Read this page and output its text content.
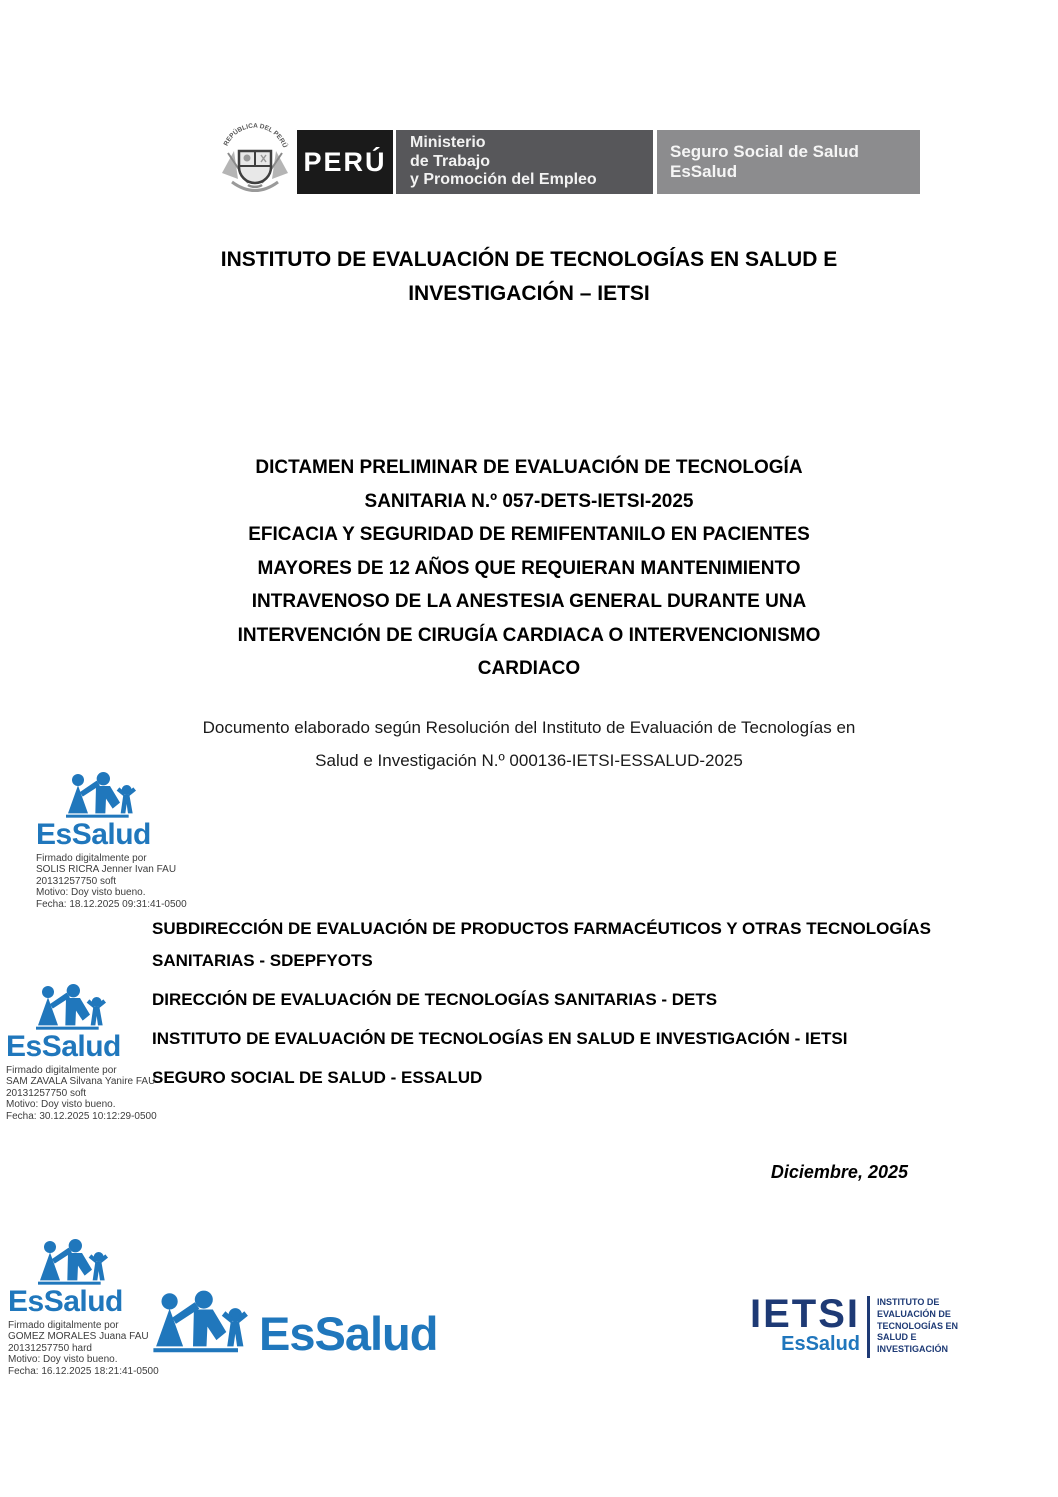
REPÚBLICA DEL PERÚ
PERÚ
Ministerio
de Trabajo
y Promoción del Empleo
Seguro Social de Salud
EsSalud
INSTITUTO DE EVALUACIÓN DE TECNOLOGÍAS EN SALUD E
INVESTIGACIÓN – IETSI
DICTAMEN PRELIMINAR DE EVALUACIÓN DE TECNOLOGÍA
SANITARIA N.º 057-DETS-IETSI-2025
EFICACIA Y SEGURIDAD DE REMIFENTANILO EN PACIENTES
MAYORES DE 12 AÑOS QUE REQUIERAN MANTENIMIENTO
INTRAVENOSO DE LA ANESTESIA GENERAL DURANTE UNA
INTERVENCIÓN DE CIRUGÍA CARDIACA O INTERVENCIONISMO
CARDIACO
Documento elaborado según Resolución del Instituto de Evaluación de Tecnologías en
Salud e Investigación N.º 000136-IETSI-ESSALUD-2025
EsSalud
Firmado digitalmente por
SOLIS RICRA Jenner Ivan FAU
20131257750 soft
Motivo: Doy visto bueno.
Fecha: 18.12.2025 09:31:41-0500

SUBDIRECCIÓN DE EVALUACIÓN DE PRODUCTOS FARMACÉUTICOS Y OTRAS TECNOLOGÍAS SANITARIAS - SDEPFYOTS

DIRECCIÓN DE EVALUACIÓN DE TECNOLOGÍAS SANITARIAS - DETS

INSTITUTO DE EVALUACIÓN DE TECNOLOGÍAS EN SALUD E INVESTIGACIÓN - IETSI

SEGURO SOCIAL DE SALUD - ESSALUD

EsSalud
Firmado digitalmente por
SAM ZAVALA Silvana Yanire FAU
20131257750 soft
Motivo: Doy visto bueno.
Fecha: 30.12.2025 10:12:29-0500
Diciembre, 2025
EsSalud
Firmado digitalmente por
GOMEZ MORALES Juana FAU
20131257750 hard
Motivo: Doy visto bueno.
Fecha: 16.12.2025 18:21:41-0500
EsSalud	IETSI
EsSalud
INSTITUTO DE
EVALUACIÓN DE
TECNOLOGÍAS EN
SALUD E
INVESTIGACIÓN
